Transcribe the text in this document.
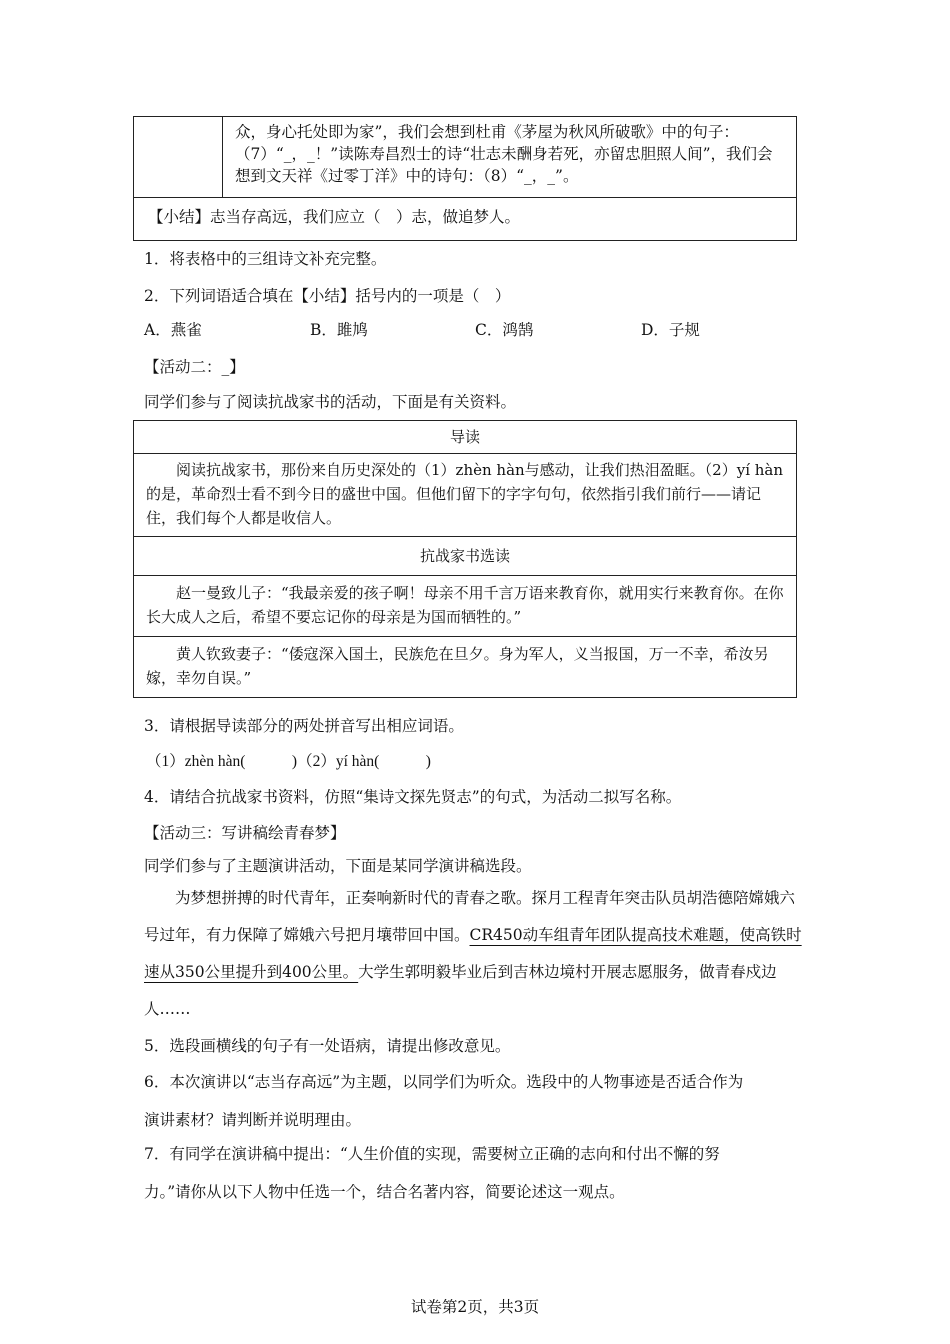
	众，身心托处即为家”，我们会想到杜甫《茅屋为秋风所破歌》中的句子：（7）“_，_！”读陈寿昌烈士的诗“壮志未酬身若死，亦留忠胆照人间”，我们会想到文天祥《过零丁洋》中的诗句：（8）“_，_”。
【小结】志当存高远，我们应立（　）志，做追梦人。
1．将表格中的三组诗文补充完整。
2．下列词语适合填在【小结】括号内的一项是（　）
A．燕雀	B．雎鸠	C．鸿鹄	D．子规
【活动二：_】
同学们参与了阅读抗战家书的活动，下面是有关资料。
导读
阅读抗战家书，那份来自历史深处的（1）zhèn hàn与感动，让我们热泪盈眶。（2）yí hàn的是，革命烈士看不到今日的盛世中国。但他们留下的字字句句，依然指引我们前行——请记住，我们每个人都是收信人。
抗战家书选读
赵一曼致儿子：“我最亲爱的孩子啊！母亲不用千言万语来教育你，就用实行来教育你。在你长大成人之后，希望不要忘记你的母亲是为国而牺牲的。”
黄人钦致妻子：“倭寇深入国土，民族危在旦夕。身为军人，义当报国，万一不幸，希汝另嫁，幸勿自误。”
3．请根据导读部分的两处拼音写出相应词语。
（1）zhèn hàn(　　　)（2）yí hàn(　　　)
4．请结合抗战家书资料，仿照“集诗文探先贤志”的句式，为活动二拟写名称。
【活动三：写讲稿绘青春梦】
同学们参与了主题演讲活动，下面是某同学演讲稿选段。
为梦想拼搏的时代青年，正奏响新时代的青春之歌。探月工程青年突击队员胡浩德陪嫦娥六号过年，有力保障了嫦娥六号把月壤带回中国。CR450动车组青年团队提高技术难题，使高铁时速从350公里提升到400公里。大学生郭明毅毕业后到吉林边境村开展志愿服务，做青春戍边人……
5．选段画横线的句子有一处语病，请提出修改意见。
6．本次演讲以“志当存高远”为主题，以同学们为听众。选段中的人物事迹是否适合作为
演讲素材？请判断并说明理由。
7．有同学在演讲稿中提出：“人生价值的实现，需要树立正确的志向和付出不懈的努
力。”请你从以下人物中任选一个，结合名著内容，简要论述这一观点。
试卷第2页，共3页
